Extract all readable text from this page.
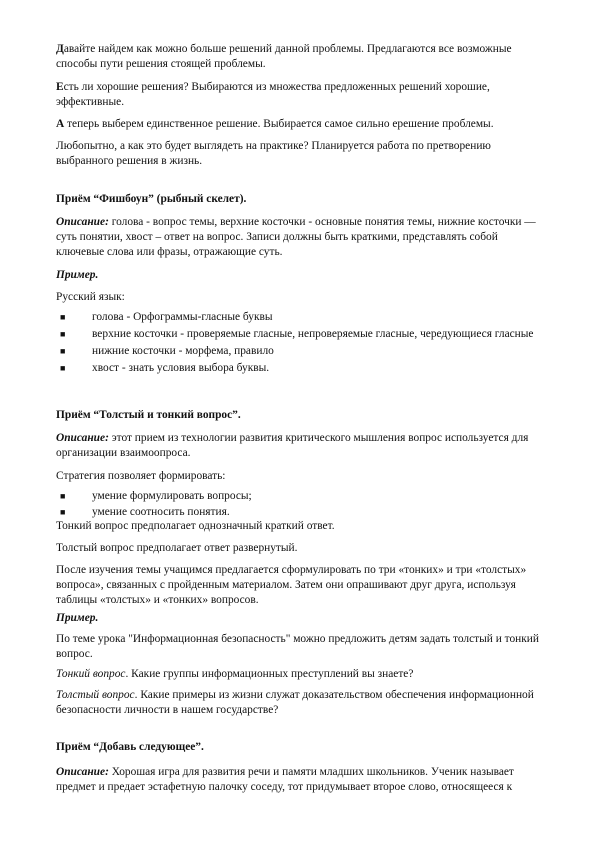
Давайте найдем как можно больше решений данной проблемы. Предлагаются все возможные способы пути решения стоящей проблемы.

Есть ли хорошие решения? Выбираются из множества предложенных решений хорошие, эффективные.

А теперь выберем единственное решение. Выбирается самое сильно ерешение проблемы.

Любопытно, а как это будет выглядеть на практике? Планируется работа по претворению выбранного решения в жизнь.

Приём “Фишбоун” (рыбный скелет).

Описание: голова - вопрос темы, верхние косточки - основные понятия темы, нижние косточки — суть понятии, хвост – ответ на вопрос. Записи должны быть краткими, представлять собой ключевые слова или фразы, отражающие суть.

Пример.

Русский язык:

■ голова - Орфограммы-гласные буквы
■ верхние косточки - проверяемые гласные, непроверяемые гласные, чередующиеся гласные
■ нижние косточки - морфема, правило
■ хвост - знать условия выбора буквы.

Приём “Толстый и тонкий вопрос”.

Описание: этот прием из технологии развития критического мышления вопрос используется для организации взаимоопроса.

Стратегия позволяет формировать:

■ умение формулировать вопросы;
■ умение соотносить понятия.

Тонкий вопрос предполагает однозначный краткий ответ.

Толстый вопрос предполагает ответ развернутый.

После изучения темы учащимся предлагается сформулировать по три «тонких» и три «толстых» вопроса», связанных с пройденным материалом. Затем они опрашивают друг друга, используя таблицы «толстых» и «тонких» вопросов.

Пример.

По теме урока "Информационная безопасность" можно предложить детям задать толстый и тонкий вопрос.

Тонкий вопрос. Какие группы информационных преступлений вы знаете?

Толстый вопрос. Какие примеры из жизни служат доказательством обеспечения информационной безопасности личности в нашем государстве?

Приём “Добавь следующее”.

Описание: Хорошая игра для развития речи и памяти младших школьников. Ученик называет предмет и предает эстафетную палочку соседу, тот придумывает второе слово, относящееся к
